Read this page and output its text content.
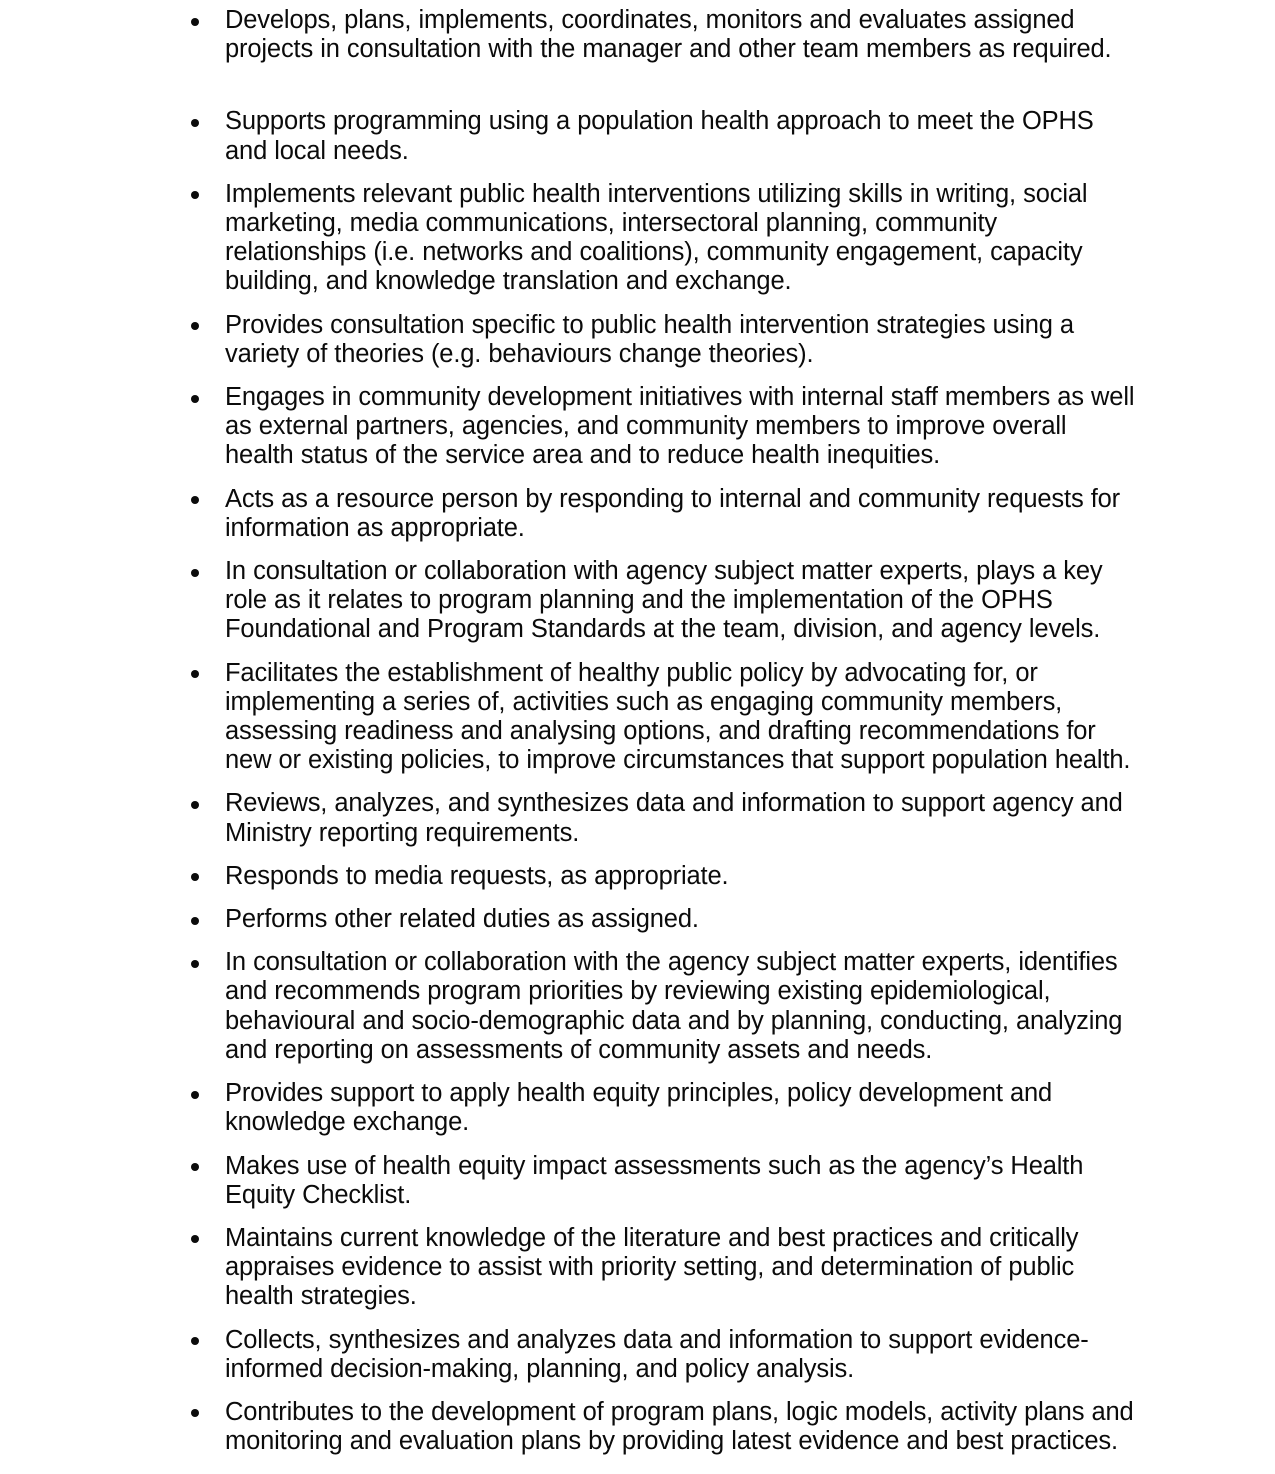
Develops, plans, implements, coordinates, monitors and evaluates assigned projects in consultation with the manager and other team members as required.
Supports programming using a population health approach to meet the OPHS and local needs.
Implements relevant public health interventions utilizing skills in writing, social marketing, media communications, intersectoral planning, community relationships (i.e. networks and coalitions), community engagement, capacity building, and knowledge translation and exchange.
Provides consultation specific to public health intervention strategies using a variety of theories (e.g. behaviours change theories).
Engages in community development initiatives with internal staff members as well as external partners, agencies, and community members to improve overall health status of the service area and to reduce health inequities.
Acts as a resource person by responding to internal and community requests for information as appropriate.
In consultation or collaboration with agency subject matter experts, plays a key role as it relates to program planning and the implementation of the OPHS Foundational and Program Standards at the team, division, and agency levels.
Facilitates the establishment of healthy public policy by advocating for, or implementing a series of, activities such as engaging community members, assessing readiness and analysing options, and drafting recommendations for new or existing policies, to improve circumstances that support population health.
Reviews, analyzes, and synthesizes data and information to support agency and Ministry reporting requirements.
Responds to media requests, as appropriate.
Performs other related duties as assigned.
In consultation or collaboration with the agency subject matter experts, identifies and recommends program priorities by reviewing existing epidemiological, behavioural and socio-demographic data and by planning, conducting, analyzing and reporting on assessments of community assets and needs.
Provides support to apply health equity principles, policy development and knowledge exchange.
Makes use of health equity impact assessments such as the agency’s Health Equity Checklist.
Maintains current knowledge of the literature and best practices and critically appraises evidence to assist with priority setting, and determination of public health strategies.
Collects, synthesizes and analyzes data and information to support evidence-informed decision-making, planning, and policy analysis.
Contributes to the development of program plans, logic models, activity plans and monitoring and evaluation plans by providing latest evidence and best practices.
